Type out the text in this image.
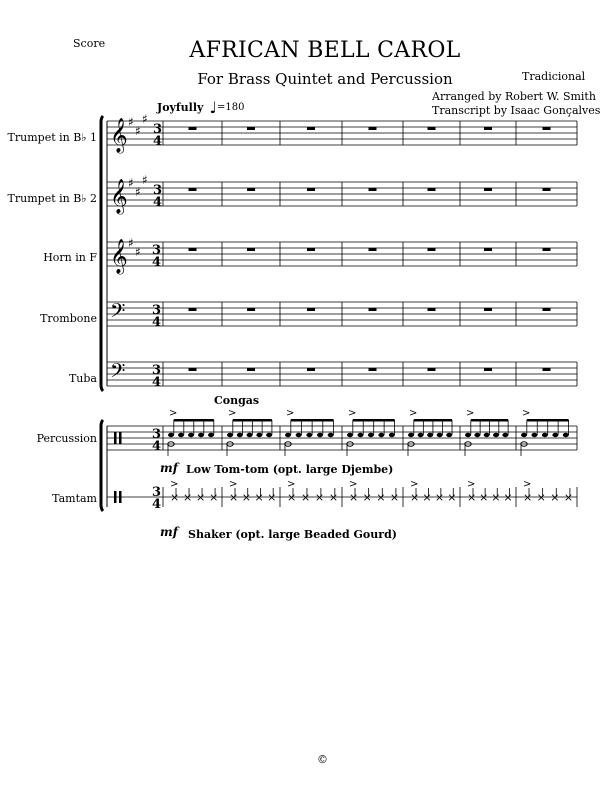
Score	AFRICAN BELL CAROL
For Brass Quintet and Percussion	Tradicional
Arranged by Robert W. Smith
Transcript by Isaac Gonçalves
Joyfully ♩ =180
Trumpet in B♭ 1
Trumpet in B♭ 2
Horn in F
Trombone
Tuba
Percussion
Tamtam
Congas
mf Low Tom-tom (opt. large Djembe)
mf Shaker (opt. large Beaded Gourd)
©
𝄞 ♯
♯
♯
3
4
𝄞 ♯
♯
♯
3
4
𝄞 ♯
♯ 3
4
𝄢 3
4
𝄢 3
4
3
4
>	>	>	>	>	>	>
3
4 × × × ×
>
× × × ×
>
× × × ×
>
× × × ×
>
× × × ×
>
× × × ×
>
× × × ×
>
